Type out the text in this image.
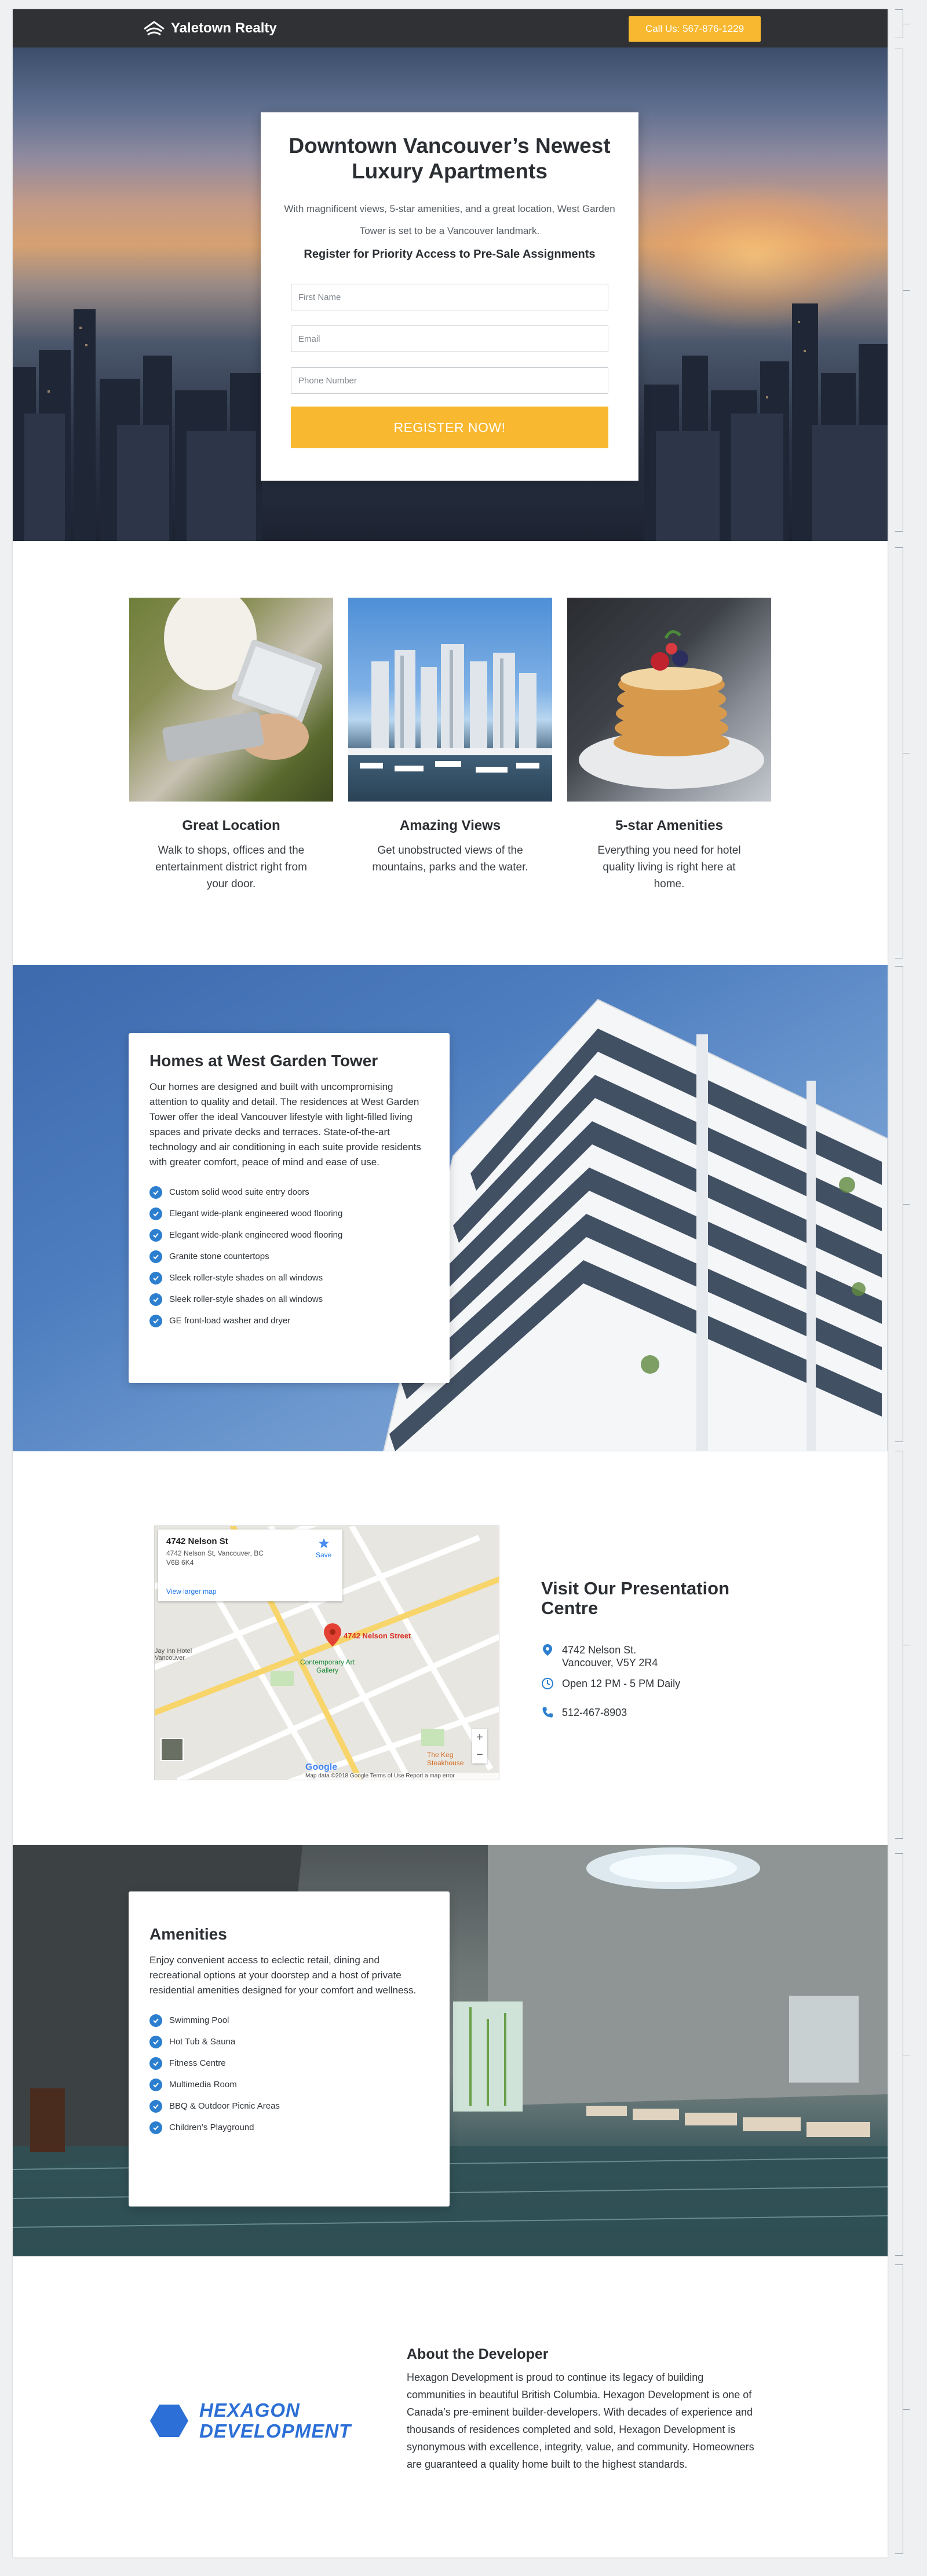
Yaletown Realty	Call Us: 567-876-1229
Downtown Vancouver’s Newest Luxury Apartments
With magnificent views, 5-star amenities, and a great location, West Garden Tower is set to be a Vancouver landmark.
Register for Priority Access to Pre-Sale Assignments
First Name
Email
Phone Number
REGISTER NOW!
Great Location

Walk to shops, offices and the entertainment district right from your door.

Amazing Views

Get unobstructed views of the mountains, parks and the water.

5-star Amenities

Everything you need for hotel quality living is right here at home.

Homes at West Garden Tower

Our homes are designed and built with uncompromising attention to quality and detail. The residences at West Garden Tower offer the ideal Vancouver lifestyle with light-filled living spaces and private decks and terraces. State-of-the-art technology and air conditioning in each suite provide residents with greater comfort, peace of mind and ease of use.

Custom solid wood suite entry doors
Elegant wide-plank engineered wood flooring
Elegant wide-plank engineered wood flooring
Granite stone countertops
Sleek roller-style shades on all windows
Sleek roller-style shades on all windows
GE front-load washer and dryer
4742 Nelson St
4742 Nelson St, Vancouver, BC V6B 6K4
View larger map
Save
4742 Nelson Street
Contemporary Art Gallery
Jay Inn Hotel Vancouver
The Keg Steakhouse
+
−
Google
Map data ©2018 Google Terms of Use Report a map error
Visit Our Presentation Centre
4742 Nelson St. Vancouver, V5Y 2R4
Open 12 PM - 5 PM Daily
512-467-8903
Amenities

Enjoy convenient access to eclectic retail, dining and recreational options at your doorstep and a host of private residential amenities designed for your comfort and wellness.

Swimming Pool
Hot Tub & Sauna
Fitness Centre
Multimedia Room
BBQ & Outdoor Picnic Areas
Children’s Playground
HEXAGON
DEVELOPMENT
About the Developer
Hexagon Development is proud to continue its legacy of building communities in beautiful British Columbia. Hexagon Development is one of Canada’s pre-eminent builder-developers. With decades of experience and thousands of residences completed and sold, Hexagon Development is synonymous with excellence, integrity, value, and community. Homeowners are guaranteed a quality home built to the highest standards.
